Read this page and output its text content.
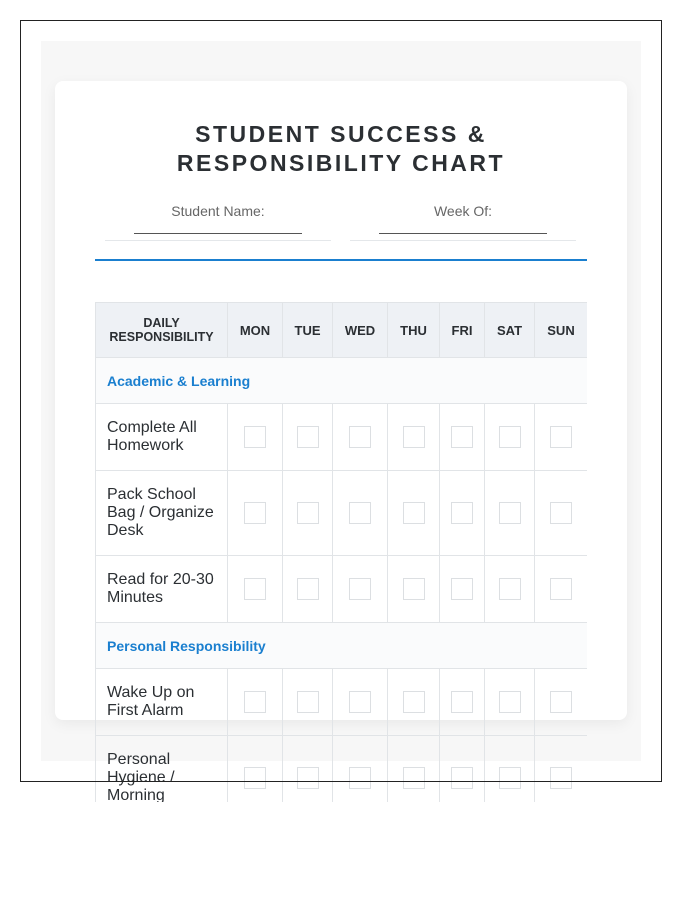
STUDENT SUCCESS &
RESPONSIBILITY CHART
Student Name:	Week Of:
DAILY
RESPONSIBILITY	MON	TUE	WED	THU	FRI	SAT	SUN
Academic & Learning							
Complete All Homework							
Pack School Bag / Organize Desk							
Read for 20-30 Minutes							
Personal Responsibility							
Wake Up on First Alarm							
Personal Hygiene / Morning							
